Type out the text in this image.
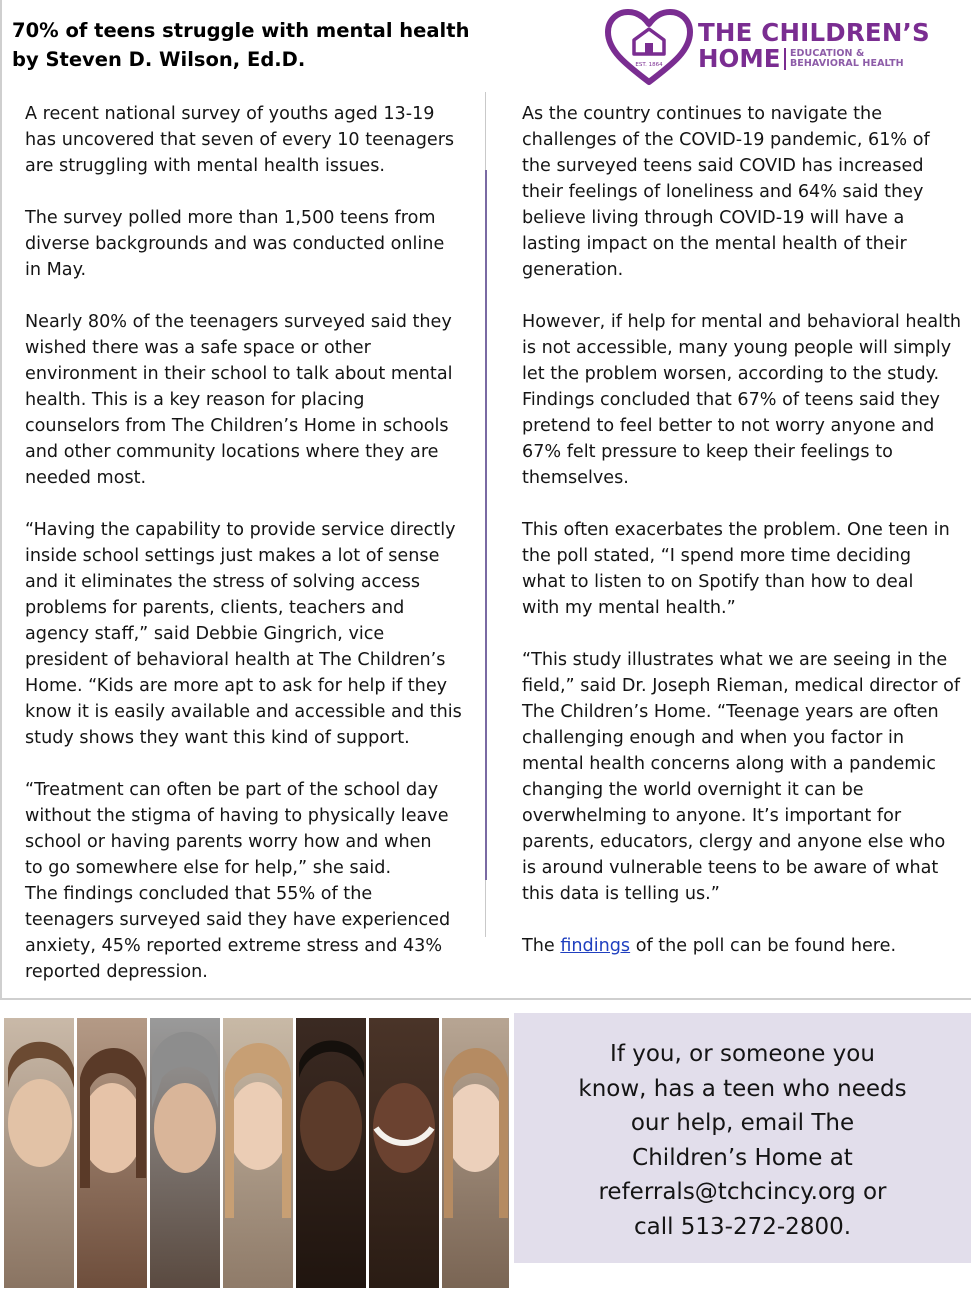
70% of teens struggle with mental health
by Steven D. Wilson, Ed.D.	EST. 1864
THE CHILDREN’S
HOME EDUCATION &
BEHAVIORAL HEALTH

A recent national survey of youths aged 13-19
has uncovered that seven of every 10 teenagers
are struggling with mental health issues.

The survey polled more than 1,500 teens from
diverse backgrounds and was conducted online
in May.

Nearly 80% of the teenagers surveyed said they
wished there was a safe space or other
environment in their school to talk about mental
health. This is a key reason for placing
counselors from The Children’s Home in schools
and other community locations where they are
needed most.

“Having the capability to provide service directly
inside school settings just makes a lot of sense
and it eliminates the stress of solving access
problems for parents, clients, teachers and
agency staff,” said Debbie Gingrich, vice
president of behavioral health at The Children’s
Home. “Kids are more apt to ask for help if they
know it is easily available and accessible and this
study shows they want this kind of support.

“Treatment can often be part of the school day
without the stigma of having to physically leave
school or having parents worry how and when
to go somewhere else for help,” she said.
The findings concluded that 55% of the
teenagers surveyed said they have experienced
anxiety, 45% reported extreme stress and 43%
reported depression.

As the country continues to navigate the
challenges of the COVID-19 pandemic, 61% of
the surveyed teens said COVID has increased
their feelings of loneliness and 64% said they
believe living through COVID-19 will have a
lasting impact on the mental health of their
generation.

However, if help for mental and behavioral health
is not accessible, many young people will simply
let the problem worsen, according to the study.
Findings concluded that 67% of teens said they
pretend to feel better to not worry anyone and
67% felt pressure to keep their feelings to
themselves.

This often exacerbates the problem. One teen in
the poll stated, “I spend more time deciding
what to listen to on Spotify than how to deal
with my mental health.”

“This study illustrates what we are seeing in the
field,” said Dr. Joseph Rieman, medical director of
The Children’s Home. “Teenage years are often
challenging enough and when you factor in
mental health concerns along with a pandemic
changing the world overnight it can be
overwhelming to anyone. It’s important for
parents, educators, clergy and anyone else who
is around vulnerable teens to be aware of what
this data is telling us.”

The findings of the poll can be found here.

If you, or someone you
know, has a teen who needs
our help, email The
Children’s Home at
referrals@tchcincy.org or
call 513-272-2800.
